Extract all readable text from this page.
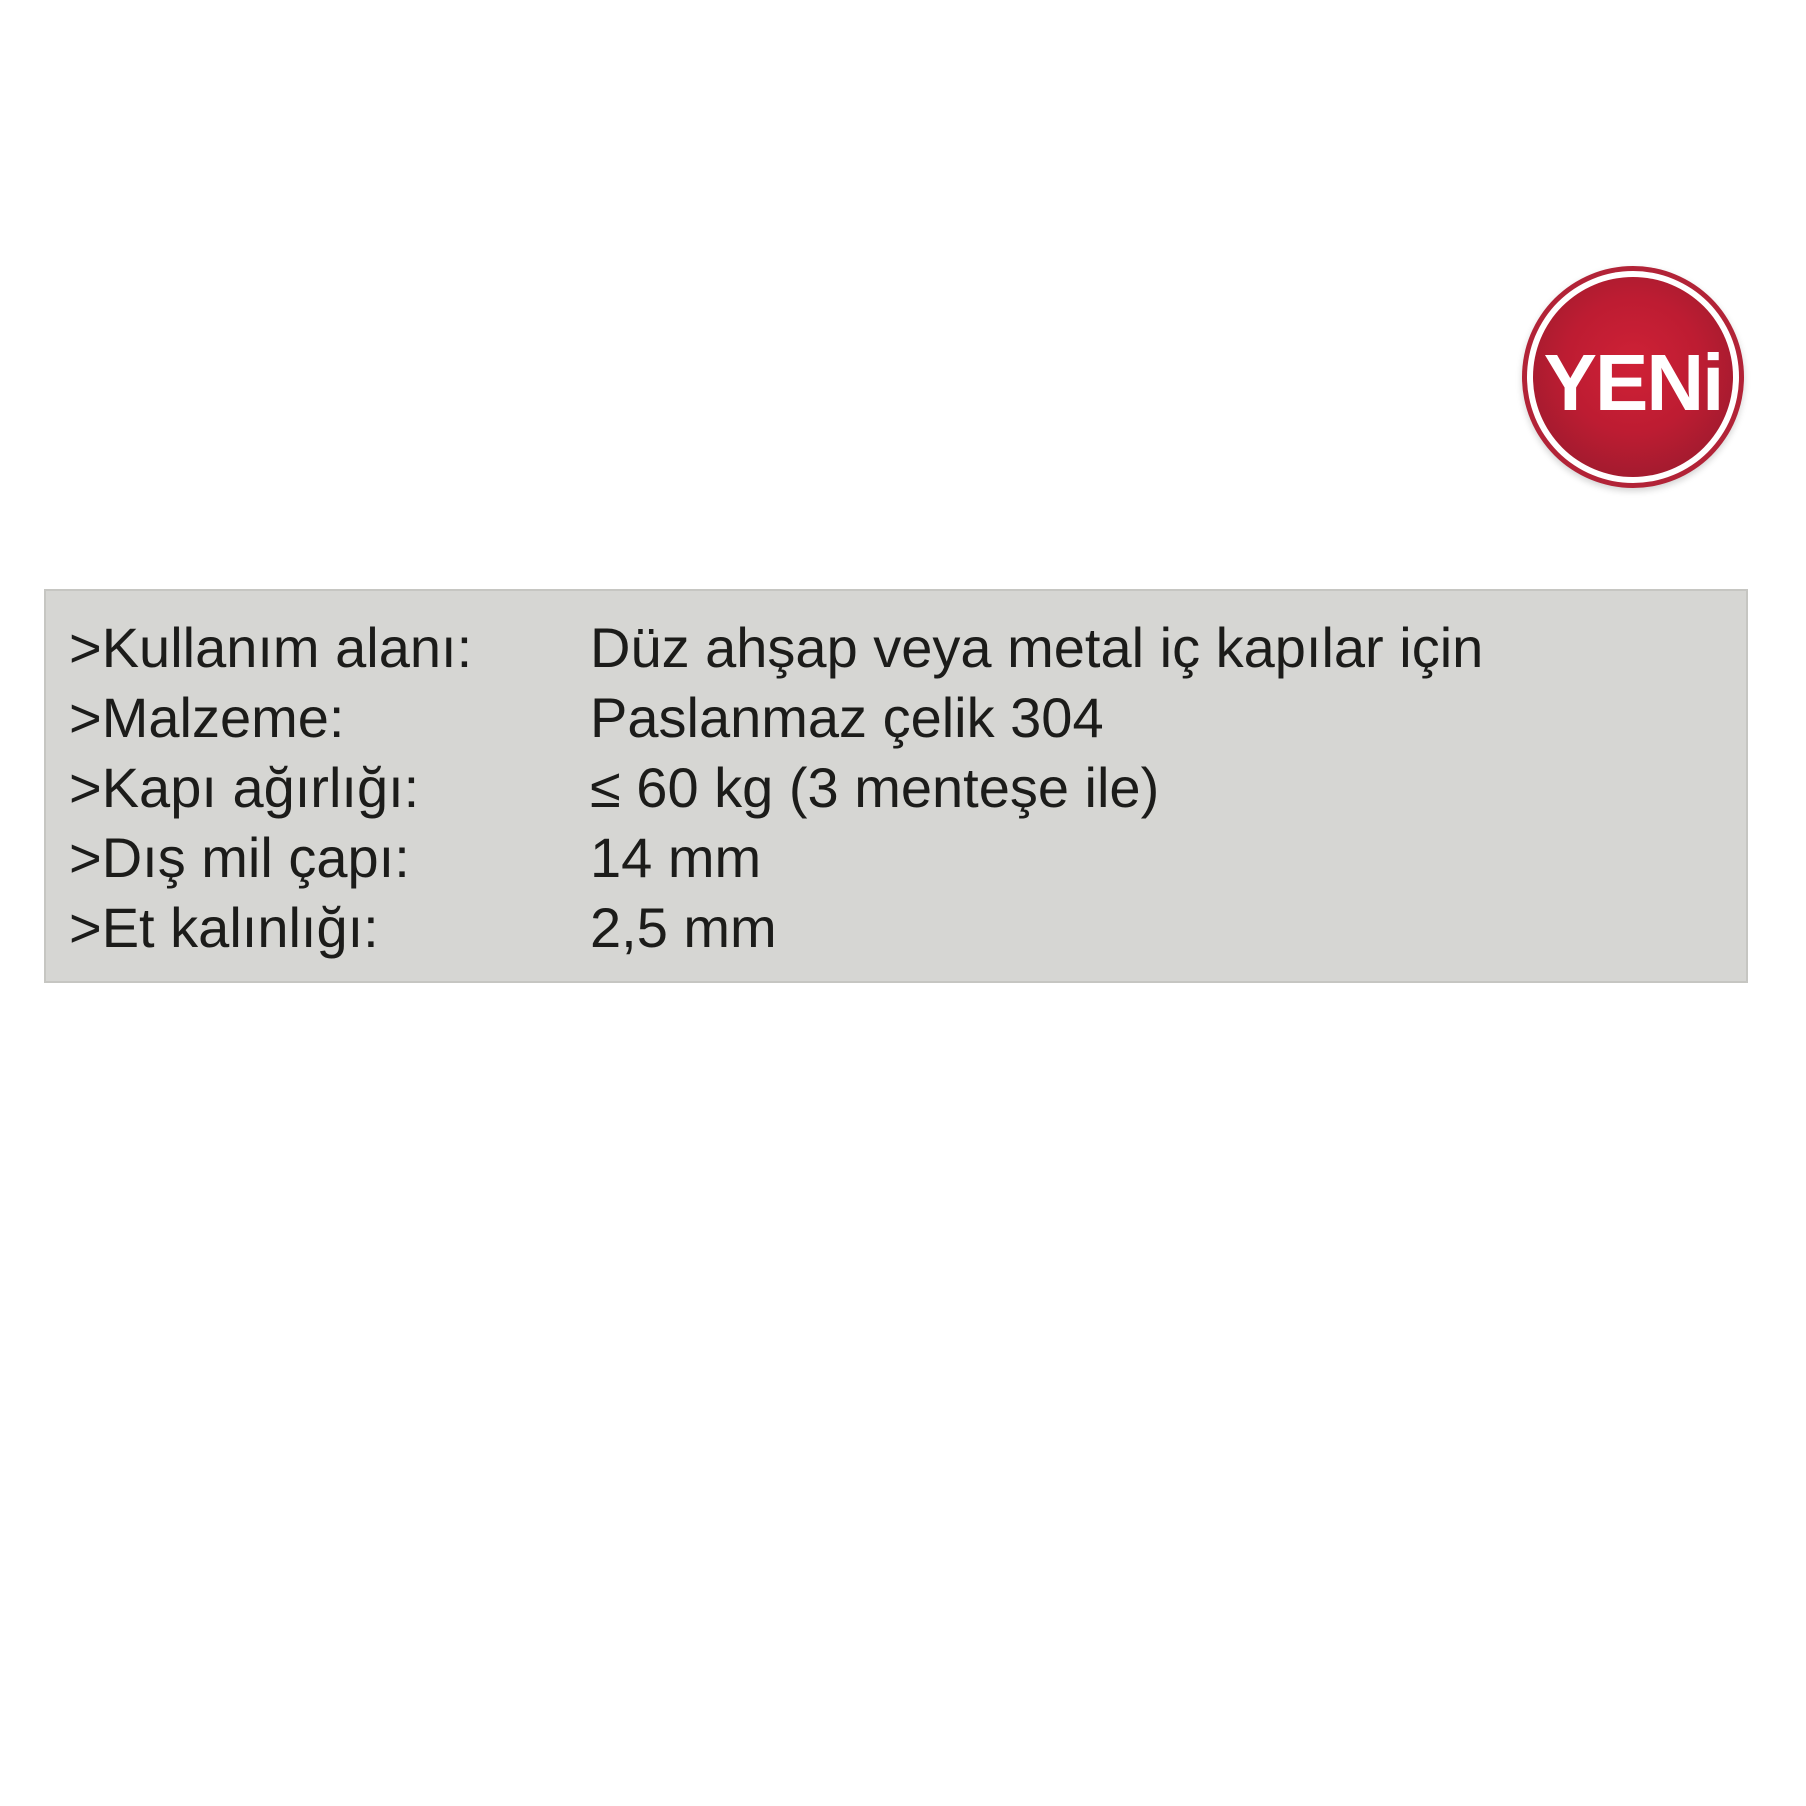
YENi
> Kullanım alanı: Düz ahşap veya metal iç kapılar için
> Malzeme:	Paslanmaz çelik 304
> Kapı ağırlığı:	≤ 60 kg (3 menteşe ile)
> Dış mil çapı:	14 mm
> Et kalınlığı:	2,5 mm
